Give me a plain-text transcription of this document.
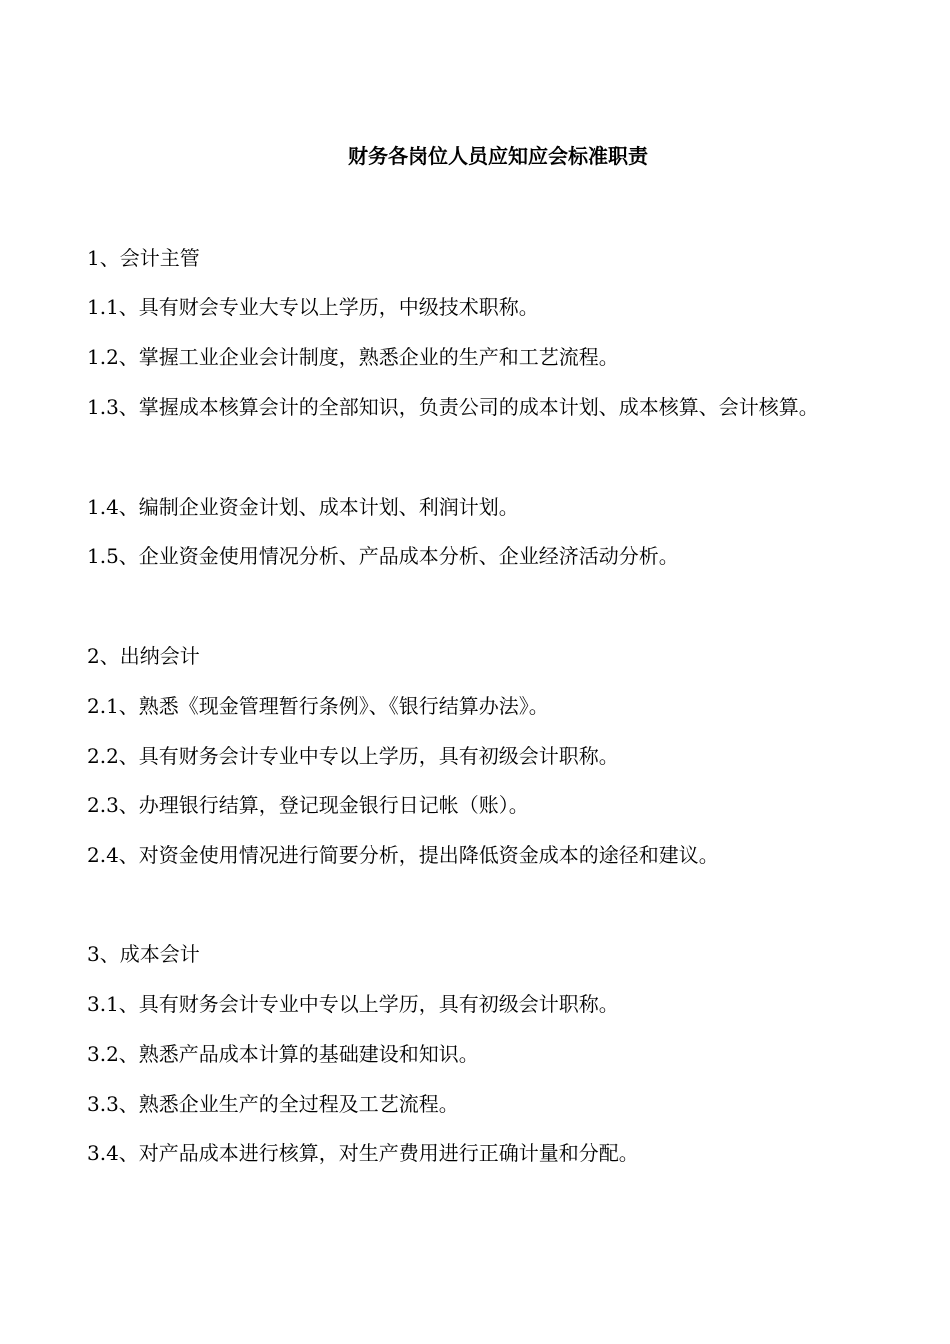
财务各岗位人员应知应会标准职责

1、会计主管

1.1、具有财会专业大专以上学历，中级技术职称。

1.2、掌握工业企业会计制度，熟悉企业的生产和工艺流程。

1.3、掌握成本核算会计的全部知识，负责公司的成本计划、成本核算、会计核算。

1.4、编制企业资金计划、成本计划、利润计划。

1.5、企业资金使用情况分析、产品成本分析、企业经济活动分析。

2、出纳会计

2.1、熟悉《现金管理暂行条例》、《银行结算办法》。

2.2、具有财务会计专业中专以上学历，具有初级会计职称。

2.3、办理银行结算，登记现金银行日记帐（账）。

2.4、对资金使用情况进行简要分析，提出降低资金成本的途径和建议。

3、成本会计

3.1、具有财务会计专业中专以上学历，具有初级会计职称。

3.2、熟悉产品成本计算的基础建设和知识。

3.3、熟悉企业生产的全过程及工艺流程。

3.4、对产品成本进行核算，对生产费用进行正确计量和分配。
